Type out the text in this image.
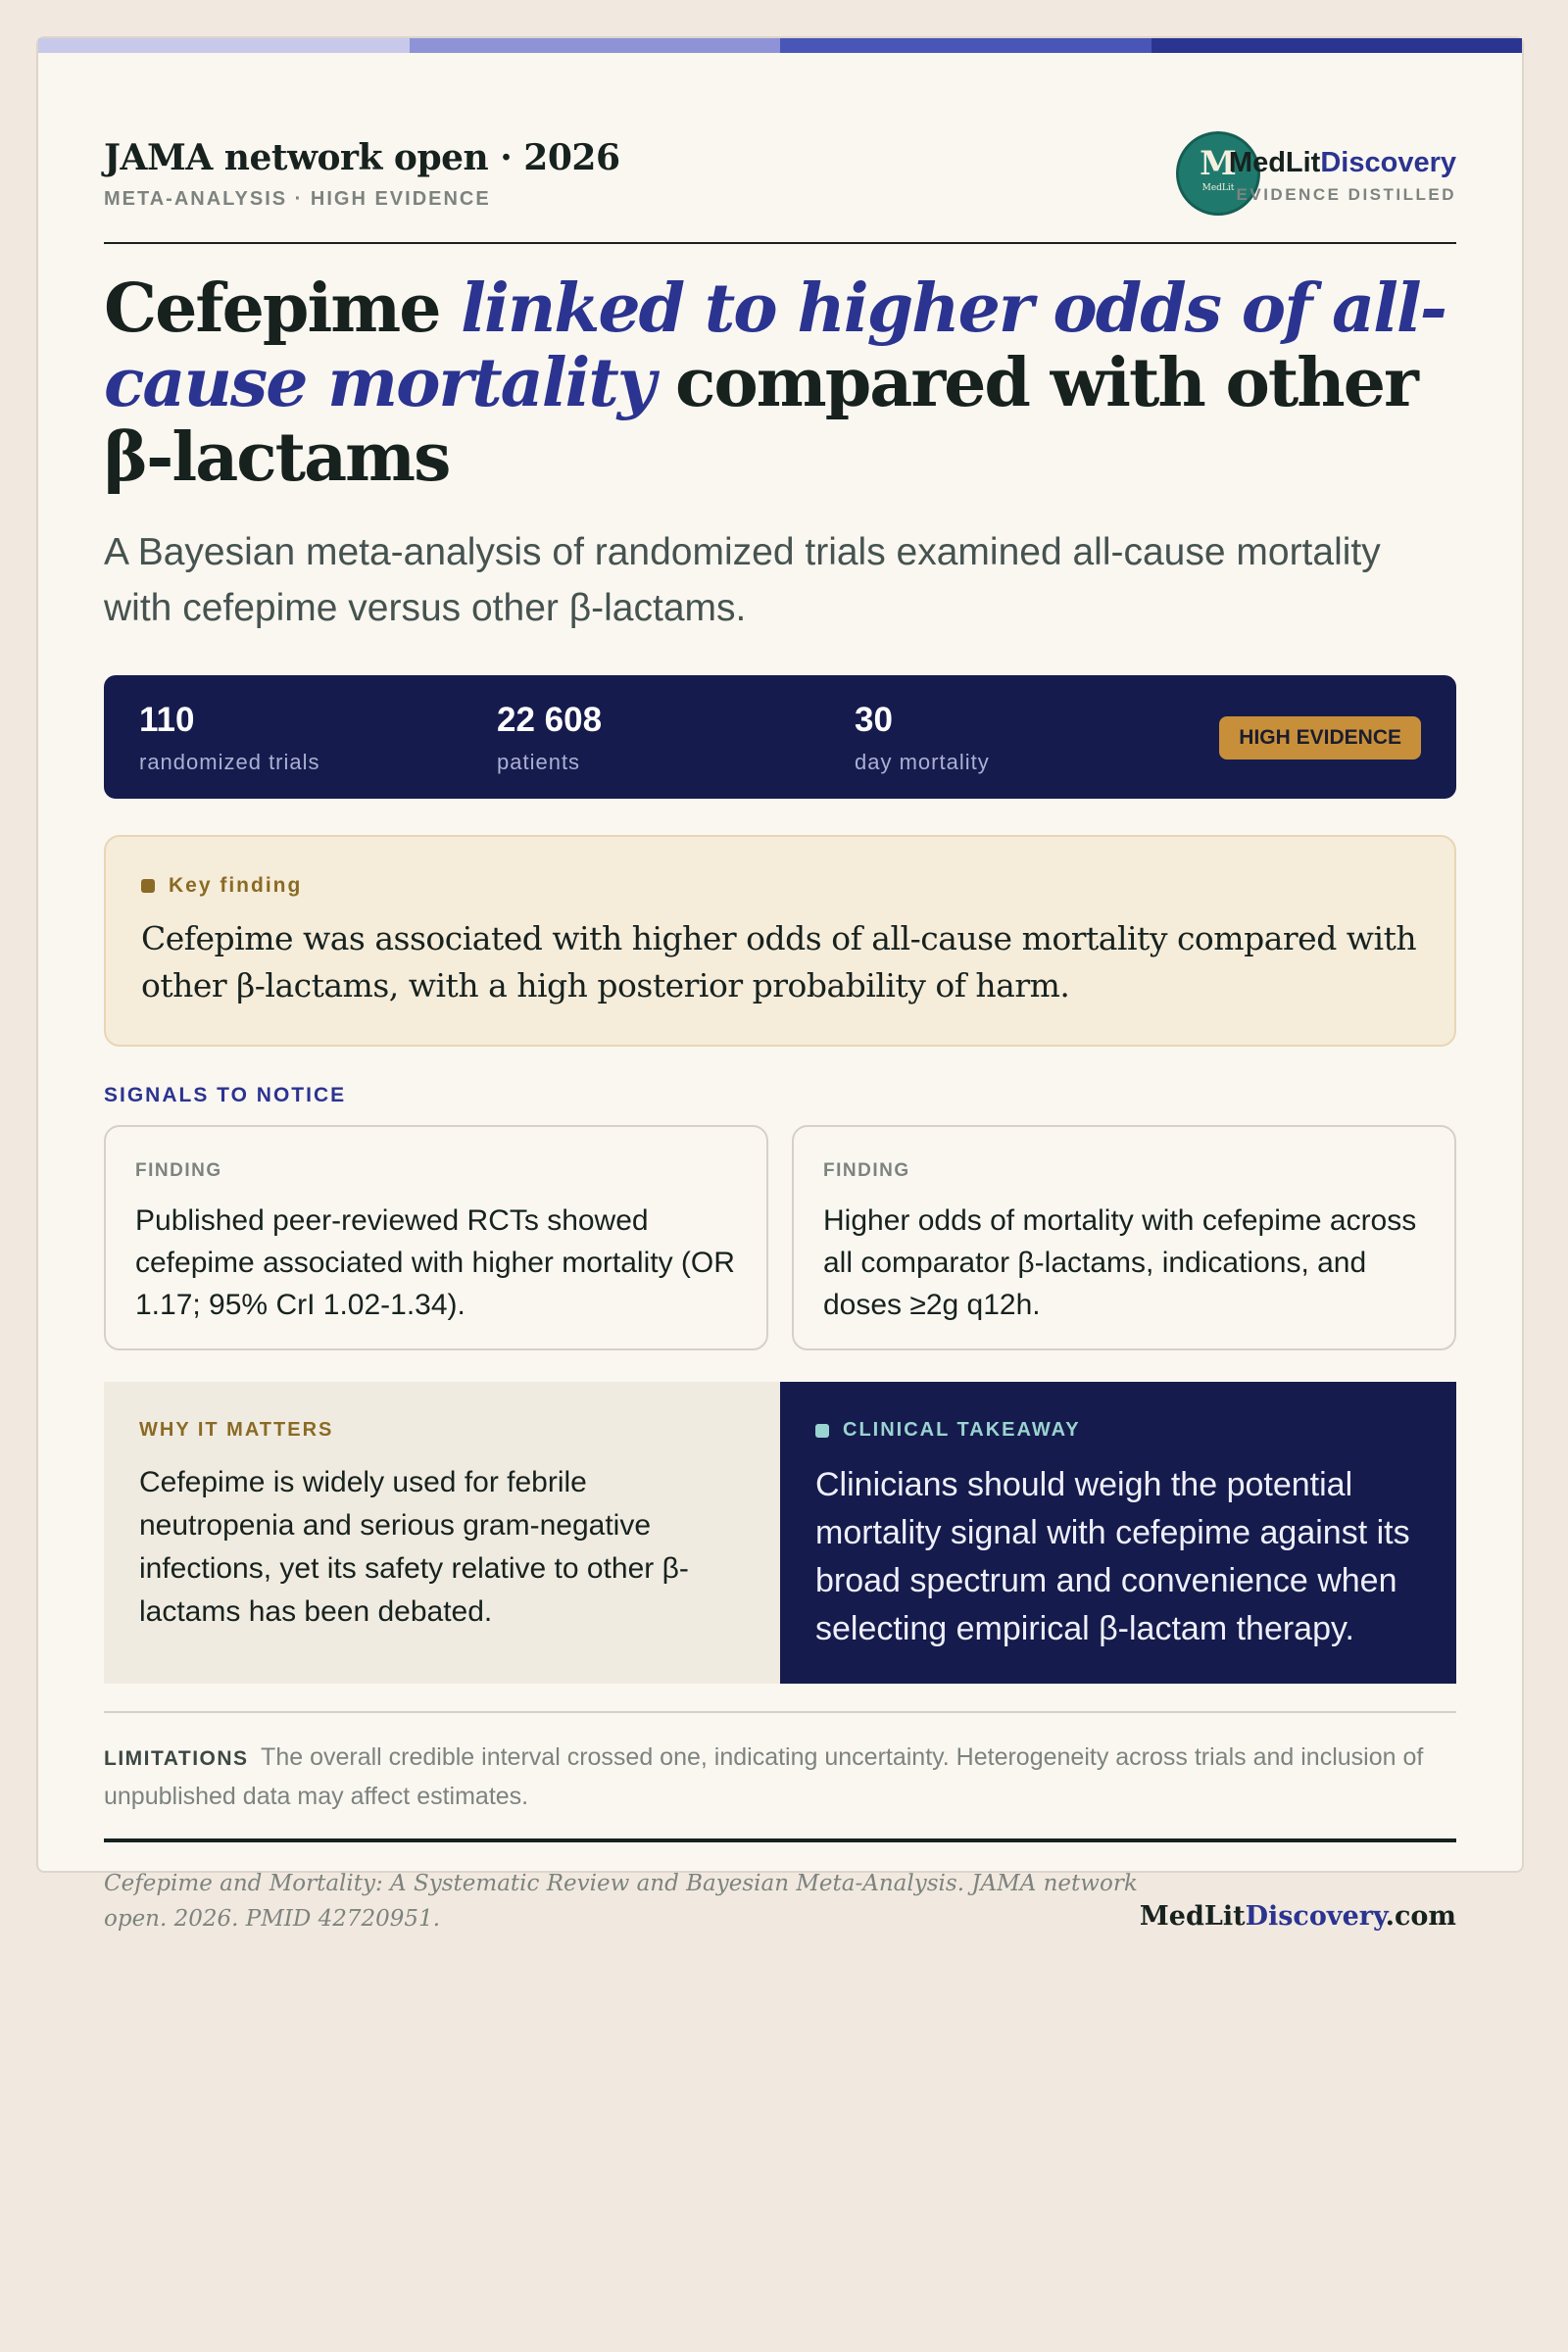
JAMA network open · 2026
META-ANALYSIS · HIGH EVIDENCE
M
MedLit
MedLitDiscovery
EVIDENCE DISTILLED
Cefepime linked to higher odds of all-cause mortality compared with other β-lactams

A Bayesian meta-analysis of randomized trials examined all-cause mortality with cefepime versus other β-lactams.

110
randomized trials
22 608
patients
30
day mortality
HIGH EVIDENCE
Key finding

Cefepime was associated with higher odds of all-cause mortality compared with other β-lactams, with a high posterior probability of harm.

SIGNALS TO NOTICE
FINDING

Published peer-reviewed RCTs showed cefepime associated with higher mortality (OR 1.17; 95% CrI 1.02-1.34).

FINDING

Higher odds of mortality with cefepime across all comparator β-lactams, indications, and doses ≥2g q12h.

WHY IT MATTERS

Cefepime is widely used for febrile neutropenia and serious gram-negative infections, yet its safety relative to other β-lactams has been debated.

CLINICAL TAKEAWAY

Clinicians should weigh the potential mortality signal with cefepime against its broad spectrum and convenience when selecting empirical β-lactam therapy.

LIMITATIONS The overall credible interval crossed one, indicating uncertainty. Heterogeneity across trials and inclusion of unpublished data may affect estimates.

Cefepime and Mortality: A Systematic Review and Bayesian Meta-Analysis. JAMA network open. 2026. PMID 42720951.	MedLitDiscovery.com
